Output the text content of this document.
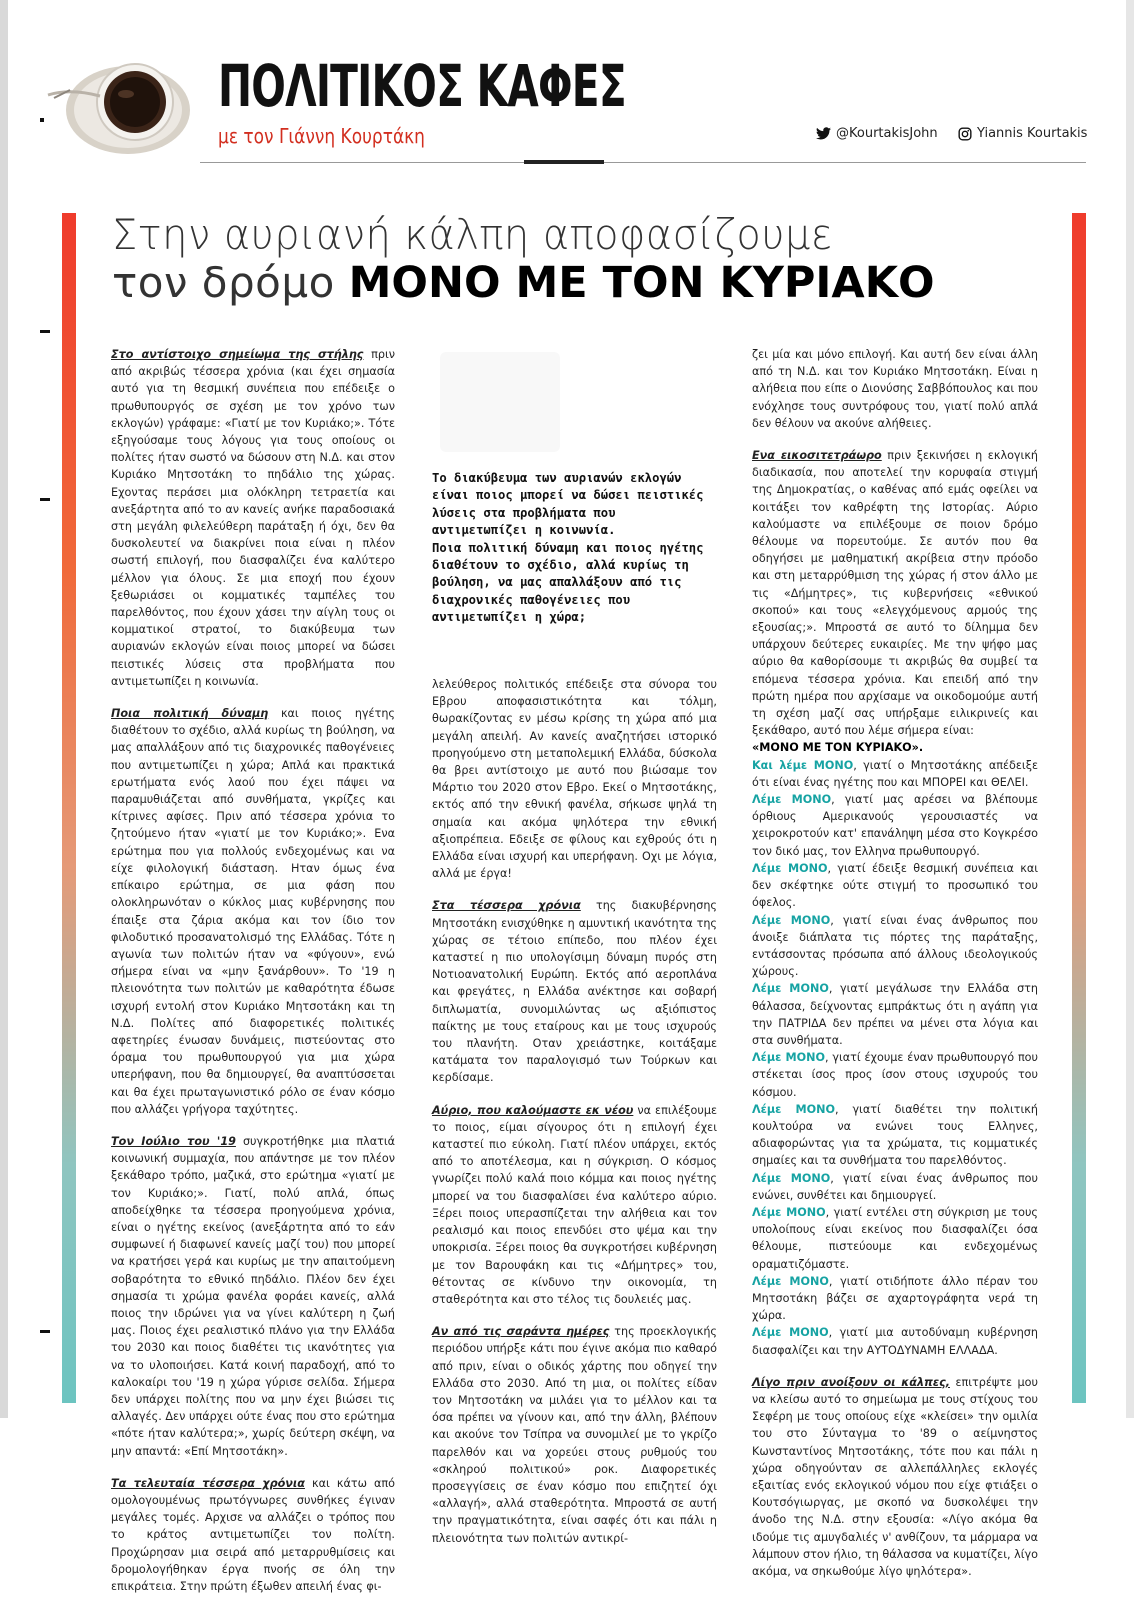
ΠΟΛΙΤΙΚΟΣ ΚΑΦΕΣ
με τον Γιάννη Κουρτάκη	@KourtakisJohn	Yiannis Kourtakis
Στην αυριανή κάλπη αποφασίζουμε
τον δρόμο ΜΟΝΟ ΜΕ ΤΟΝ ΚΥΡΙΑΚΟ

Στο αντίστοιχο σημείωμα της στήλης πριν από ακριβώς τέσσερα χρόνια (και έχει σημασία αυτό για τη θεσμική συνέπεια που επέδειξε ο πρωθυπουργός σε σχέση με τον χρόνο των εκλογών) γράφαμε: «Γιατί με τον Κυριάκο;». Τότε εξηγούσαμε τους λόγους για τους οποίους οι πολίτες ήταν σωστό να δώσουν στη Ν.Δ. και στον Κυριάκο Μητσοτάκη το πηδάλιο της χώρας. Εχοντας περάσει μια ολόκληρη τετραετία και ανεξάρτητα από το αν κανείς ανήκε παραδοσιακά στη μεγάλη φιλελεύθερη παράταξη ή όχι, δεν θα δυσκολευτεί να διακρίνει ποια είναι η πλέον σωστή επιλογή, που διασφαλίζει ένα καλύτερο μέλλον για όλους. Σε μια εποχή που έχουν ξεθωριάσει οι κομματικές ταμπέλες του παρελθόντος, που έχουν χάσει την αίγλη τους οι κομματικοί στρατοί, το διακύβευμα των αυριανών εκλογών είναι ποιος μπορεί να δώσει πειστικές λύσεις στα προβλήματα που αντιμετωπίζει η κοινωνία.

Ποια πολιτική δύναμη και ποιος ηγέτης διαθέτουν το σχέδιο, αλλά κυρίως τη βούληση, να μας απαλλάξουν από τις διαχρονικές παθογένειες που αντιμετωπίζει η χώρα; Απλά και πρακτικά ερωτήματα ενός λαού που έχει πάψει να παραμυθιάζεται από συνθήματα, γκρίζες και κίτρινες αφίσες. Πριν από τέσσερα χρόνια το ζητούμενο ήταν «γιατί με τον Κυριάκο;». Ενα ερώτημα που για πολλούς ενδεχομένως και να είχε φιλολογική διάσταση. Ηταν όμως ένα επίκαιρο ερώτημα, σε μια φάση που ολοκληρωνόταν ο κύκλος μιας κυβέρνησης που έπαιξε στα ζάρια ακόμα και τον ίδιο τον φιλοδυτικό προσανατολισμό της Ελλάδας. Τότε η αγωνία των πολιτών ήταν να «φύγουν», ενώ σήμερα είναι να «μην ξανάρθουν». Το '19 η πλειονότητα των πολιτών με καθαρότητα έδωσε ισχυρή εντολή στον Κυριάκο Μητσοτάκη και τη Ν.Δ. Πολίτες από διαφορετικές πολιτικές αφετηρίες ένωσαν δυνάμεις, πιστεύοντας στο όραμα του πρωθυπουργού για μια χώρα υπερήφανη, που θα δημιουργεί, θα αναπτύσσεται και θα έχει πρωταγωνιστικό ρόλο σε έναν κόσμο που αλλάζει γρήγορα ταχύτητες.

Τον Ιούλιο του '19 συγκροτήθηκε μια πλατιά κοινωνική συμμαχία, που απάντησε με τον πλέον ξεκάθαρο τρόπο, μαζικά, στο ερώτημα «γιατί με τον Κυριάκο;». Γιατί, πολύ απλά, όπως αποδείχθηκε τα τέσσερα προηγούμενα χρόνια, είναι ο ηγέτης εκείνος (ανεξάρτητα από το εάν συμφωνεί ή διαφωνεί κανείς μαζί του) που μπορεί να κρατήσει γερά και κυρίως με την απαιτούμενη σοβαρότητα το εθνικό πηδάλιο. Πλέον δεν έχει σημασία τι χρώμα φανέλα φοράει κανείς, αλλά ποιος την ιδρώνει για να γίνει καλύτερη η ζωή μας. Ποιος έχει ρεαλιστικό πλάνο για την Ελλάδα του 2030 και ποιος διαθέτει τις ικανότητες για να το υλοποιήσει. Κατά κοινή παραδοχή, από το καλοκαίρι του '19 η χώρα γύρισε σελίδα. Σήμερα δεν υπάρχει πολίτης που να μην έχει βιώσει τις αλλαγές. Δεν υπάρχει ούτε ένας που στο ερώτημα «πότε ήταν καλύτερα;», χωρίς δεύτερη σκέψη, να μην απαντά: «Επί Μητσοτάκη».

Τα τελευταία τέσσερα χρόνια και κάτω από ομολογουμένως πρωτόγνωρες συνθήκες έγιναν μεγάλες τομές. Αρχισε να αλλάζει ο τρόπος που το κράτος αντιμετωπίζει τον πολίτη. Προχώρησαν μια σειρά από μεταρρυθμίσεις και δρομολογήθηκαν έργα πνοής σε όλη την επικράτεια. Στην πρώτη έξωθεν απειλή ένας φι-

Το διακύβευμα των αυριανών εκλογών είναι ποιος μπορεί να δώσει πειστικές λύσεις στα προβλήματα που αντιμετωπίζει η κοινωνία.

Ποια πολιτική δύναμη και ποιος ηγέτης διαθέτουν το σχέδιο, αλλά κυρίως τη βούληση, να μας απαλλάξουν από τις διαχρονικές παθογένειες που αντιμετωπίζει η χώρα;

λελεύθερος πολιτικός επέδειξε στα σύνορα του Εβρου αποφασιστικότητα και τόλμη, θωρακίζοντας εν μέσω κρίσης τη χώρα από μια μεγάλη απειλή. Αν κανείς αναζητήσει ιστορικό προηγούμενο στη μεταπολεμική Ελλάδα, δύσκολα θα βρει αντίστοιχο με αυτό που βιώσαμε τον Μάρτιο του 2020 στον Εβρο. Εκεί ο Μητσοτάκης, εκτός από την εθνική φανέλα, σήκωσε ψηλά τη σημαία και ακόμα ψηλότερα την εθνική αξιοπρέπεια. Εδειξε σε φίλους και εχθρούς ότι η Ελλάδα είναι ισχυρή και υπερήφανη. Οχι με λόγια, αλλά με έργα!

Στα τέσσερα χρόνια της διακυβέρνησης Μητσοτάκη ενισχύθηκε η αμυντική ικανότητα της χώρας σε τέτοιο επίπεδο, που πλέον έχει καταστεί η πιο υπολογίσιμη δύναμη πυρός στη Νοτιοανατολική Ευρώπη. Εκτός από αεροπλάνα και φρεγάτες, η Ελλάδα ανέκτησε και σοβαρή διπλωματία, συνομιλώντας ως αξιόπιστος παίκτης με τους εταίρους και με τους ισχυρούς του πλανήτη. Οταν χρειάστηκε, κοιτάξαμε κατάματα τον παραλογισμό των Τούρκων και κερδίσαμε.

Αύριο, που καλούμαστε εκ νέου να επιλέξουμε το ποιος, είμαι σίγουρος ότι η επιλογή έχει καταστεί πιο εύκολη. Γιατί πλέον υπάρχει, εκτός από το αποτέλεσμα, και η σύγκριση. Ο κόσμος γνωρίζει πολύ καλά ποιο κόμμα και ποιος ηγέτης μπορεί να του διασφαλίσει ένα καλύτερο αύριο. Ξέρει ποιος υπερασπίζεται την αλήθεια και τον ρεαλισμό και ποιος επενδύει στο ψέμα και την υποκρισία. Ξέρει ποιος θα συγκροτήσει κυβέρνηση με τον Βαρουφάκη και τις «Δήμητρες» του, θέτοντας σε κίνδυνο την οικονομία, τη σταθερότητα και στο τέλος τις δουλειές μας.

Αν από τις σαράντα ημέρες της προεκλογικής περιόδου υπήρξε κάτι που έγινε ακόμα πιο καθαρό από πριν, είναι ο οδικός χάρτης που οδηγεί την Ελλάδα στο 2030. Από τη μια, οι πολίτες είδαν τον Μητσοτάκη να μιλάει για το μέλλον και τα όσα πρέπει να γίνουν και, από την άλλη, βλέπουν και ακούνε τον Τσίπρα να συνομιλεί με το γκρίζο παρελθόν και να χορεύει στους ρυθμούς του «σκληρού πολιτικού» ροκ. Διαφορετικές προσεγγίσεις σε έναν κόσμο που επιζητεί όχι «αλλαγή», αλλά σταθερότητα. Μπροστά σε αυτή την πραγματικότητα, είναι σαφές ότι και πάλι η πλειονότητα των πολιτών αντικρί-

ζει μία και μόνο επιλογή. Και αυτή δεν είναι άλλη από τη Ν.Δ. και τον Κυριάκο Μητσοτάκη. Είναι η αλήθεια που είπε ο Διονύσης Σαββόπουλος και που ενόχλησε τους συντρόφους του, γιατί πολύ απλά δεν θέλουν να ακούνε αλήθειες.

Ενα εικοσιτετράωρο πριν ξεκινήσει η εκλογική διαδικασία, που αποτελεί την κορυφαία στιγμή της Δημοκρατίας, ο καθένας από εμάς οφείλει να κοιτάξει τον καθρέφτη της Ιστορίας. Αύριο καλούμαστε να επιλέξουμε σε ποιον δρόμο θέλουμε να πορευτούμε. Σε αυτόν που θα οδηγήσει με μαθηματική ακρίβεια στην πρόοδο και στη μεταρρύθμιση της χώρας ή στον άλλο με τις «Δήμητρες», τις κυβερνήσεις «εθνικού σκοπού» και τους «ελεγχόμενους αρμούς της εξουσίας;». Μπροστά σε αυτό το δίλημμα δεν υπάρχουν δεύτερες ευκαιρίες. Με την ψήφο μας αύριο θα καθορίσουμε τι ακριβώς θα συμβεί τα επόμενα τέσσερα χρόνια. Και επειδή από την πρώτη ημέρα που αρχίσαμε να οικοδομούμε αυτή τη σχέση μαζί σας υπήρξαμε ειλικρινείς και ξεκάθαρο, αυτό που λέμε σήμερα είναι:

«ΜΟΝΟ ΜΕ ΤΟΝ ΚΥΡΙΑΚΟ».

Και λέμε ΜΟΝΟ, γιατί ο Μητσοτάκης απέδειξε ότι είναι ένας ηγέτης που και ΜΠΟΡΕΙ και ΘΕΛΕΙ.

Λέμε ΜΟΝΟ, γιατί μας αρέσει να βλέπουμε όρθιους Αμερικανούς γερουσιαστές να χειροκροτούν κατ' επανάληψη μέσα στο Κογκρέσο τον δικό μας, τον Ελληνα πρωθυπουργό.

Λέμε ΜΟΝΟ, γιατί έδειξε θεσμική συνέπεια και δεν σκέφτηκε ούτε στιγμή το προσωπικό του όφελος.

Λέμε ΜΟΝΟ, γιατί είναι ένας άνθρωπος που άνοιξε διάπλατα τις πόρτες της παράταξης, εντάσσοντας πρόσωπα από άλλους ιδεολογικούς χώρους.

Λέμε ΜΟΝΟ, γιατί μεγάλωσε την Ελλάδα στη θάλασσα, δείχνοντας εμπράκτως ότι η αγάπη για την ΠΑΤΡΙΔΑ δεν πρέπει να μένει στα λόγια και στα συνθήματα.

Λέμε ΜΟΝΟ, γιατί έχουμε έναν πρωθυπουργό που στέκεται ίσος προς ίσον στους ισχυρούς του κόσμου.

Λέμε ΜΟΝΟ, γιατί διαθέτει την πολιτική κουλτούρα να ενώνει τους Ελληνες, αδιαφορώντας για τα χρώματα, τις κομματικές σημαίες και τα συνθήματα του παρελθόντος.

Λέμε ΜΟΝΟ, γιατί είναι ένας άνθρωπος που ενώνει, συνθέτει και δημιουργεί.

Λέμε ΜΟΝΟ, γιατί εντέλει στη σύγκριση με τους υπολοίπους είναι εκείνος που διασφαλίζει όσα θέλουμε, πιστεύουμε και ενδεχομένως οραματιζόμαστε.

Λέμε ΜΟΝΟ, γιατί οτιδήποτε άλλο πέραν του Μητσοτάκη βάζει σε αχαρτογράφητα νερά τη χώρα.

Λέμε ΜΟΝΟ, γιατί μια αυτοδύναμη κυβέρνηση διασφαλίζει και την ΑΥΤΟΔΥΝΑΜΗ ΕΛΛΑΔΑ.

Λίγο πριν ανοίξουν οι κάλπες, επιτρέψτε μου να κλείσω αυτό το σημείωμα με τους στίχους του Σεφέρη με τους οποίους είχε «κλείσει» την ομιλία του στο Σύνταγμα το '89 ο αείμνηστος Κωνσταντίνος Μητσοτάκης, τότε που και πάλι η χώρα οδηγούνταν σε αλλεπάλληλες εκλογές εξαιτίας ενός εκλογικού νόμου που είχε φτιάξει ο Κουτσόγιωργας, με σκοπό να δυσκολέψει την άνοδο της Ν.Δ. στην εξουσία: «Λίγο ακόμα θα ιδούμε τις αμυγδαλιές ν' ανθίζουν, τα μάρμαρα να λάμπουν στον ήλιο, τη θάλασσα να κυματίζει, λίγο ακόμα, να σηκωθούμε λίγο ψηλότερα».
